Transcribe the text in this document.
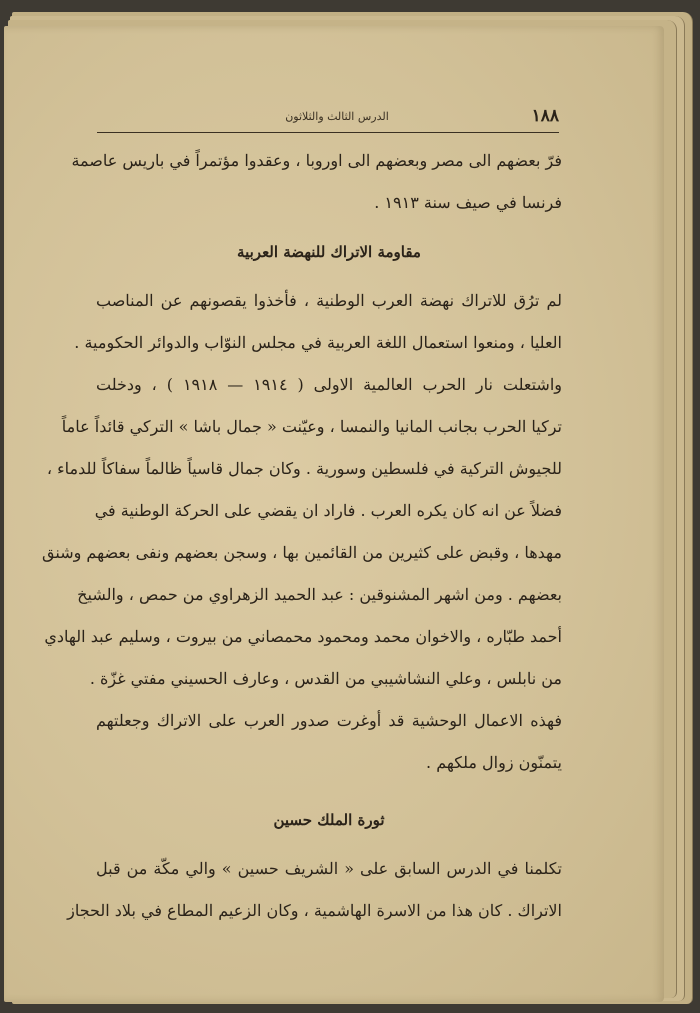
١٨٨
الدرس الثالث والثلاثون
فرّ بعضهم الى مصر وبعضهم الى اوروبا ، وعقدوا مؤتمراً في باريس عاصمة
فرنسا في صيف سنة ١٩١٣ .
مقاومة الاتراك للنهضة العربية
لم ترُق للاتراك نهضة العرب الوطنية ، فأخذوا يقصونهم عن المناصب
العليا ، ومنعوا استعمال اللغة العربية في مجلس النوّاب والدوائر الحكومية .
واشتعلت نار الحرب العالمية الاولى ( ١٩١٤ — ١٩١٨ ) ، ودخلت
تركيا الحرب بجانب المانيا والنمسا ، وعيّنت « جمال باشا » التركي قائداً عاماً
للجيوش التركية في فلسطين وسورية . وكان جمال قاسياً ظالماً سفاكاً للدماء ،
فضلاً عن انه كان يكره العرب . فاراد ان يقضي على الحركة الوطنية في
مهدها ، وقبض على كثيرين من القائمين بها ، وسجن بعضهم ونفى بعضهم وشنق
بعضهم . ومن اشهر المشنوقين : عبد الحميد الزهراوي من حمص ، والشيخ
أحمد طبّاره ، والاخوان محمد ومحمود محمصاني من بيروت ، وسليم عبد الهادي
من نابلس ، وعلي النشاشيبي من القدس ، وعارف الحسيني مفتي غزّة .
فهذه الاعمال الوحشية قد أوغرت صدور العرب على الاتراك وجعلتهم
يتمنّون زوال ملكهم .
ثورة الملك حسين
تكلمنا في الدرس السابق على « الشريف حسين » والي مكّة من قبل
الاتراك . كان هذا من الاسرة الهاشمية ، وكان الزعيم المطاع في بلاد الحجاز
